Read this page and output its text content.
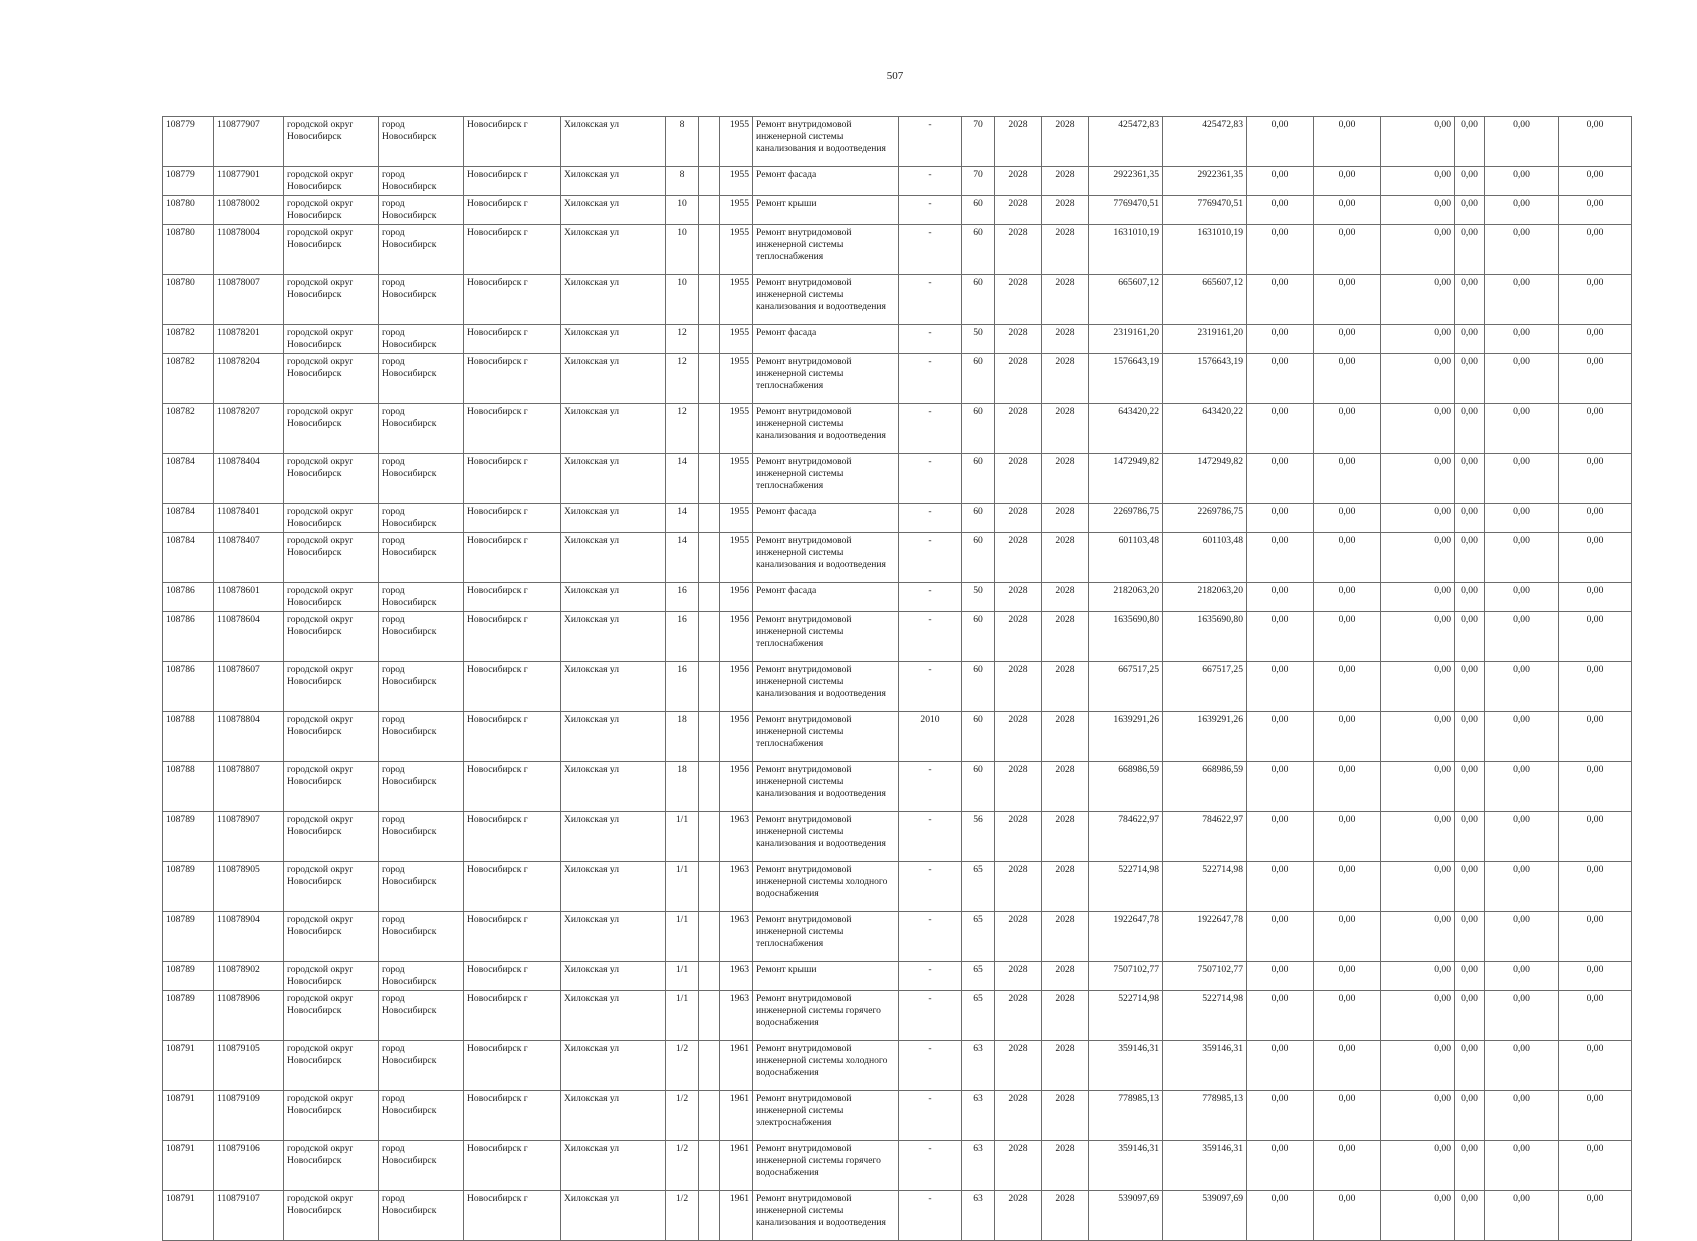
507
108779	110877907	городской округ Новосибирск	город Новосибирск	Новосибирск г	Хилокская ул	8		1955	Ремонт внутридомовой инженерной системы канализования и водоотведения	-	70	2028	2028	425472,83	425472,83	0,00	0,00	0,00	0,00	0,00	0,00
108779	110877901	городской округ Новосибирск	город Новосибирск	Новосибирск г	Хилокская ул	8		1955	Ремонт фасада	-	70	2028	2028	2922361,35	2922361,35	0,00	0,00	0,00	0,00	0,00	0,00
108780	110878002	городской округ Новосибирск	город Новосибирск	Новосибирск г	Хилокская ул	10		1955	Ремонт крыши	-	60	2028	2028	7769470,51	7769470,51	0,00	0,00	0,00	0,00	0,00	0,00
108780	110878004	городской округ Новосибирск	город Новосибирск	Новосибирск г	Хилокская ул	10		1955	Ремонт внутридомовой инженерной системы теплоснабжения	-	60	2028	2028	1631010,19	1631010,19	0,00	0,00	0,00	0,00	0,00	0,00
108780	110878007	городской округ Новосибирск	город Новосибирск	Новосибирск г	Хилокская ул	10		1955	Ремонт внутридомовой инженерной системы канализования и водоотведения	-	60	2028	2028	665607,12	665607,12	0,00	0,00	0,00	0,00	0,00	0,00
108782	110878201	городской округ Новосибирск	город Новосибирск	Новосибирск г	Хилокская ул	12		1955	Ремонт фасада	-	50	2028	2028	2319161,20	2319161,20	0,00	0,00	0,00	0,00	0,00	0,00
108782	110878204	городской округ Новосибирск	город Новосибирск	Новосибирск г	Хилокская ул	12		1955	Ремонт внутридомовой инженерной системы теплоснабжения	-	60	2028	2028	1576643,19	1576643,19	0,00	0,00	0,00	0,00	0,00	0,00
108782	110878207	городской округ Новосибирск	город Новосибирск	Новосибирск г	Хилокская ул	12		1955	Ремонт внутридомовой инженерной системы канализования и водоотведения	-	60	2028	2028	643420,22	643420,22	0,00	0,00	0,00	0,00	0,00	0,00
108784	110878404	городской округ Новосибирск	город Новосибирск	Новосибирск г	Хилокская ул	14		1955	Ремонт внутридомовой инженерной системы теплоснабжения	-	60	2028	2028	1472949,82	1472949,82	0,00	0,00	0,00	0,00	0,00	0,00
108784	110878401	городской округ Новосибирск	город Новосибирск	Новосибирск г	Хилокская ул	14		1955	Ремонт фасада	-	60	2028	2028	2269786,75	2269786,75	0,00	0,00	0,00	0,00	0,00	0,00
108784	110878407	городской округ Новосибирск	город Новосибирск	Новосибирск г	Хилокская ул	14		1955	Ремонт внутридомовой инженерной системы канализования и водоотведения	-	60	2028	2028	601103,48	601103,48	0,00	0,00	0,00	0,00	0,00	0,00
108786	110878601	городской округ Новосибирск	город Новосибирск	Новосибирск г	Хилокская ул	16		1956	Ремонт фасада	-	50	2028	2028	2182063,20	2182063,20	0,00	0,00	0,00	0,00	0,00	0,00
108786	110878604	городской округ Новосибирск	город Новосибирск	Новосибирск г	Хилокская ул	16		1956	Ремонт внутридомовой инженерной системы теплоснабжения	-	60	2028	2028	1635690,80	1635690,80	0,00	0,00	0,00	0,00	0,00	0,00
108786	110878607	городской округ Новосибирск	город Новосибирск	Новосибирск г	Хилокская ул	16		1956	Ремонт внутридомовой инженерной системы канализования и водоотведения	-	60	2028	2028	667517,25	667517,25	0,00	0,00	0,00	0,00	0,00	0,00
108788	110878804	городской округ Новосибирск	город Новосибирск	Новосибирск г	Хилокская ул	18		1956	Ремонт внутридомовой инженерной системы теплоснабжения	2010	60	2028	2028	1639291,26	1639291,26	0,00	0,00	0,00	0,00	0,00	0,00
108788	110878807	городской округ Новосибирск	город Новосибирск	Новосибирск г	Хилокская ул	18		1956	Ремонт внутридомовой инженерной системы канализования и водоотведения	-	60	2028	2028	668986,59	668986,59	0,00	0,00	0,00	0,00	0,00	0,00
108789	110878907	городской округ Новосибирск	город Новосибирск	Новосибирск г	Хилокская ул	1/1		1963	Ремонт внутридомовой инженерной системы канализования и водоотведения	-	56	2028	2028	784622,97	784622,97	0,00	0,00	0,00	0,00	0,00	0,00
108789	110878905	городской округ Новосибирск	город Новосибирск	Новосибирск г	Хилокская ул	1/1		1963	Ремонт внутридомовой инженерной системы холодного водоснабжения	-	65	2028	2028	522714,98	522714,98	0,00	0,00	0,00	0,00	0,00	0,00
108789	110878904	городской округ Новосибирск	город Новосибирск	Новосибирск г	Хилокская ул	1/1		1963	Ремонт внутридомовой инженерной системы теплоснабжения	-	65	2028	2028	1922647,78	1922647,78	0,00	0,00	0,00	0,00	0,00	0,00
108789	110878902	городской округ Новосибирск	город Новосибирск	Новосибирск г	Хилокская ул	1/1		1963	Ремонт крыши	-	65	2028	2028	7507102,77	7507102,77	0,00	0,00	0,00	0,00	0,00	0,00
108789	110878906	городской округ Новосибирск	город Новосибирск	Новосибирск г	Хилокская ул	1/1		1963	Ремонт внутридомовой инженерной системы горячего водоснабжения	-	65	2028	2028	522714,98	522714,98	0,00	0,00	0,00	0,00	0,00	0,00
108791	110879105	городской округ Новосибирск	город Новосибирск	Новосибирск г	Хилокская ул	1/2		1961	Ремонт внутридомовой инженерной системы холодного водоснабжения	-	63	2028	2028	359146,31	359146,31	0,00	0,00	0,00	0,00	0,00	0,00
108791	110879109	городской округ Новосибирск	город Новосибирск	Новосибирск г	Хилокская ул	1/2		1961	Ремонт внутридомовой инженерной системы электроснабжения	-	63	2028	2028	778985,13	778985,13	0,00	0,00	0,00	0,00	0,00	0,00
108791	110879106	городской округ Новосибирск	город Новосибирск	Новосибирск г	Хилокская ул	1/2		1961	Ремонт внутридомовой инженерной системы горячего водоснабжения	-	63	2028	2028	359146,31	359146,31	0,00	0,00	0,00	0,00	0,00	0,00
108791	110879107	городской округ Новосибирск	город Новосибирск	Новосибирск г	Хилокская ул	1/2		1961	Ремонт внутридомовой инженерной системы канализования и водоотведения	-	63	2028	2028	539097,69	539097,69	0,00	0,00	0,00	0,00	0,00	0,00
